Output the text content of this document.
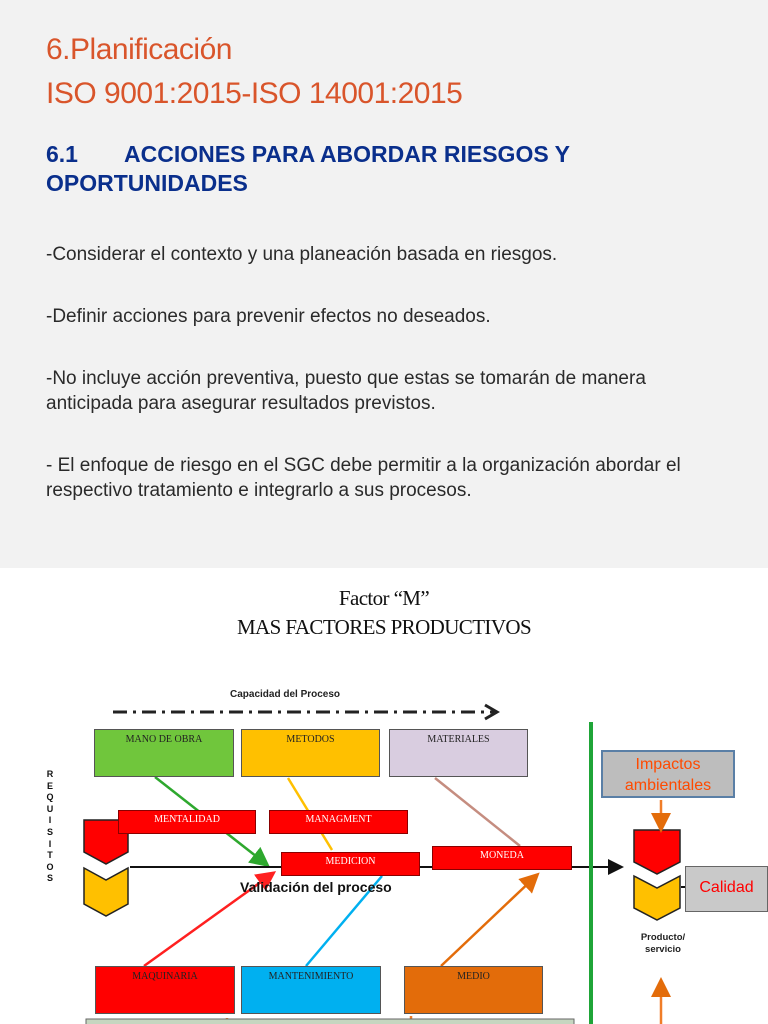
6.Planificación
ISO 9001:2015-ISO 14001:2015
6.1 ACCIONES PARA ABORDAR RIESGOS Y OPORTUNIDADES
-Considerar el contexto y una planeación basada en riesgos.
-Definir acciones para prevenir efectos no deseados.
-No incluye acción preventiva, puesto que estas se tomarán de manera anticipada para asegurar resultados previstos.
- El enfoque de riesgo en el SGC debe permitir a la organización abordar el respectivo tratamiento e integrarlo a sus procesos.
Factor “M”
MAS FACTORES PRODUCTIVOS
Capacidad del Proceso
R
E
Q
U
I
S
I
T
O
S
MANO DE OBRA	METODOS	MATERIALES
MENTALIDAD	MANAGMENT
MEDICION
MONEDA
Validación del proceso
MAQUINARIA	MANTENIMIENTO	MEDIO
Impactos ambientales
Calidad
Producto/ servicio
